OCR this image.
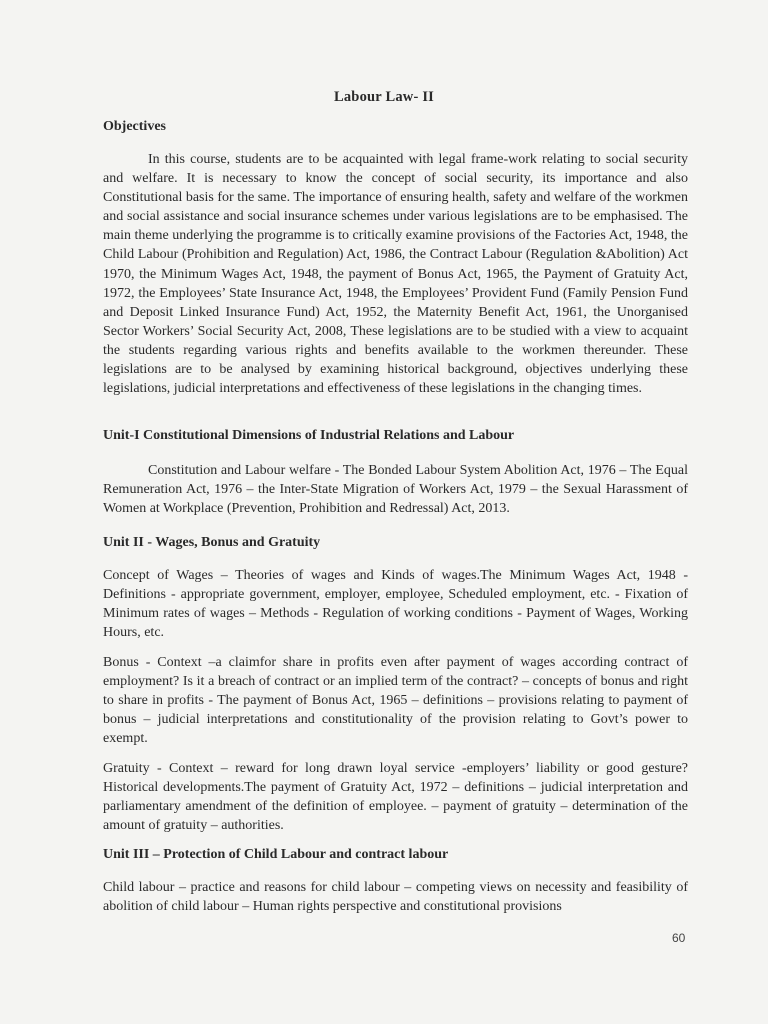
Labour Law- II
Objectives
In this course, students are to be acquainted with legal frame-work relating to social security and welfare. It is necessary to know the concept of social security, its importance and also Constitutional basis for the same. The importance of ensuring health, safety and welfare of the workmen and social assistance and social insurance schemes under various legislations are to be emphasised. The main theme underlying the programme is to critically examine provisions of the Factories Act, 1948, the Child Labour (Prohibition and Regulation) Act, 1986, the Contract Labour (Regulation &Abolition) Act 1970, the Minimum Wages Act, 1948, the payment of Bonus Act, 1965, the Payment of Gratuity Act, 1972, the Employees’ State Insurance Act, 1948, the Employees’ Provident Fund (Family Pension Fund and Deposit Linked Insurance Fund) Act, 1952, the Maternity Benefit Act, 1961, the Unorganised Sector Workers’ Social Security Act, 2008, These legislations are to be studied with a view to acquaint the students regarding various rights and benefits available to the workmen thereunder. These legislations are to be analysed by examining historical background, objectives underlying these legislations, judicial interpretations and effectiveness of these legislations in the changing times.
Unit-I Constitutional Dimensions of Industrial Relations and Labour
Constitution and Labour welfare - The Bonded Labour System Abolition Act, 1976 – The Equal Remuneration Act, 1976 – the Inter-State Migration of Workers Act, 1979 – the Sexual Harassment of Women at Workplace (Prevention, Prohibition and Redressal) Act, 2013.
Unit II - Wages, Bonus and Gratuity
Concept of Wages – Theories of wages and Kinds of wages.The Minimum Wages Act, 1948 - Definitions - appropriate government, employer, employee, Scheduled employment, etc. - Fixation of Minimum rates of wages – Methods - Regulation of working conditions - Payment of Wages, Working Hours, etc.
Bonus - Context –a claimfor share in profits even after payment of wages according contract of employment? Is it a breach of contract or an implied term of the contract? – concepts of bonus and right to share in profits - The payment of Bonus Act, 1965 – definitions – provisions relating to payment of bonus – judicial interpretations and constitutionality of the provision relating to Govt’s power to exempt.
Gratuity - Context – reward for long drawn loyal service -employers’ liability or good gesture? Historical developments.The payment of Gratuity Act, 1972 – definitions – judicial interpretation and parliamentary amendment of the definition of employee. – payment of gratuity – determination of the amount of gratuity – authorities.
Unit III – Protection of Child Labour and contract labour
Child labour – practice and reasons for child labour – competing views on necessity and feasibility of abolition of child labour – Human rights perspective and constitutional provisions
60
